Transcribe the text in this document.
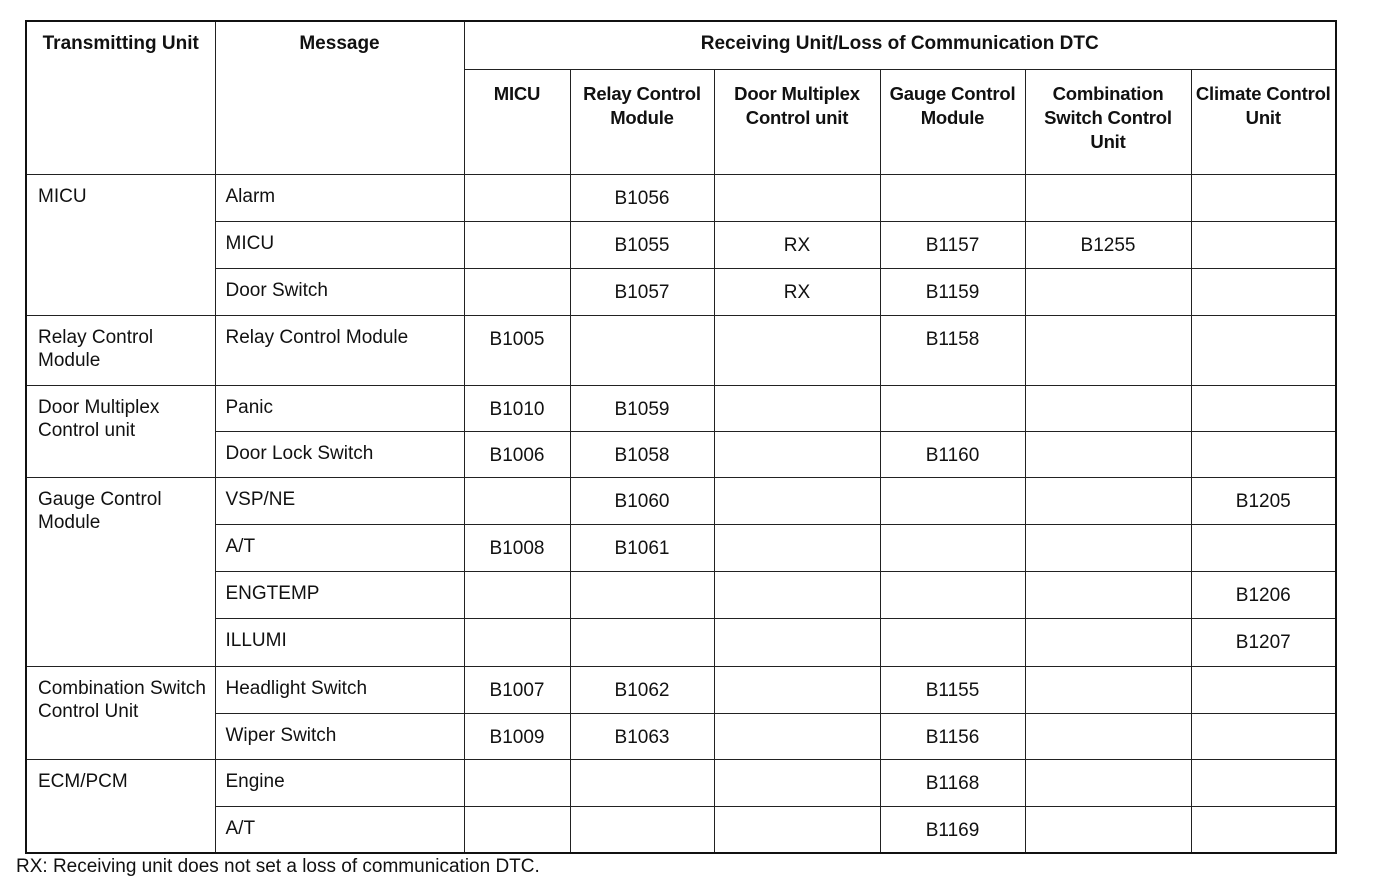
Transmitting Unit	Message	Receiving Unit/Loss of Communication DTC					
		MICU	Relay Control Module	Door Multiplex Control unit	Gauge Control Module	Combination Switch Control Unit	Climate Control Unit
MICU	Alarm		B1056				
	MICU		B1055	RX	B1157	B1255	
	Door Switch		B1057	RX	B1159		
Relay Control Module	Relay Control Module	B1005			B1158		
Door Multiplex Control unit	Panic	B1010	B1059				
	Door Lock Switch	B1006	B1058		B1160		
Gauge Control Module	VSP/NE		B1060				B1205
	A/T	B1008	B1061				
	ENGTEMP						B1206
	ILLUMI						B1207
Combination Switch Control Unit	Headlight Switch	B1007	B1062		B1155		
	Wiper Switch	B1009	B1063		B1156		
ECM/PCM	Engine				B1168		
	A/T				B1169		
RX: Receiving unit does not set a loss of communication DTC.
